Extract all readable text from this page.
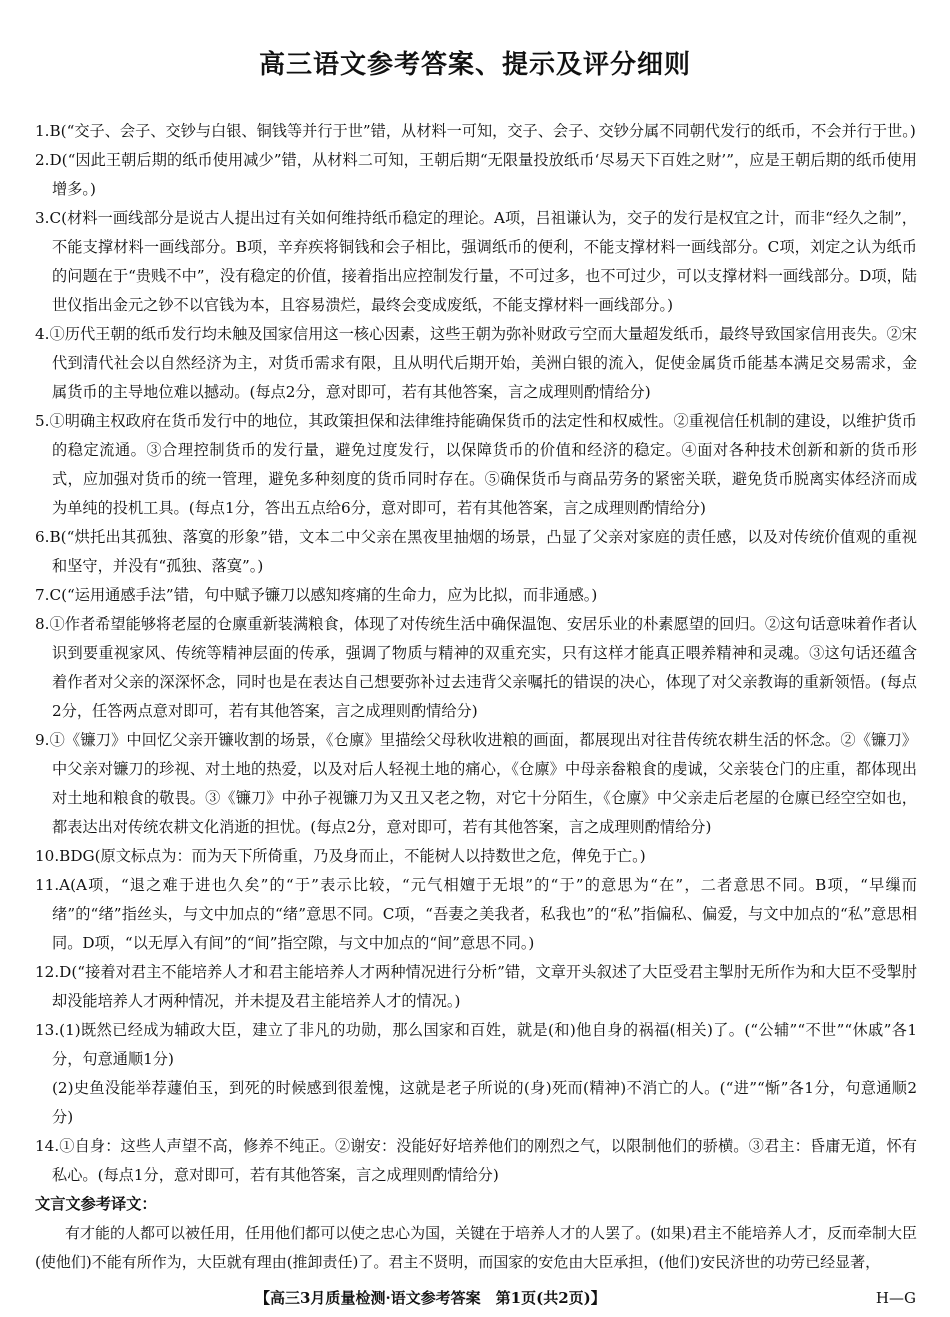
高三语文参考答案、提示及评分细则

1.B(“交子、会子、交钞与白银、铜钱等并行于世”错，从材料一可知，交子、会子、交钞分属不同朝代发行的纸币，不会并行于世。)

2.D(“因此王朝后期的纸币使用减少”错，从材料二可知，王朝后期“无限量投放纸币‘尽易天下百姓之财’”，应是王朝后期的纸币使用增多。)

3.C(材料一画线部分是说古人提出过有关如何维持纸币稳定的理论。A项，吕祖谦认为，交子的发行是权宜之计，而非“经久之制”，不能支撑材料一画线部分。B项，辛弃疾将铜钱和会子相比，强调纸币的便利，不能支撑材料一画线部分。C项，刘定之认为纸币的问题在于“贵贱不中”，没有稳定的价值，接着指出应控制发行量，不可过多，也不可过少，可以支撑材料一画线部分。D项，陆世仪指出金元之钞不以官钱为本，且容易溃烂，最终会变成废纸，不能支撑材料一画线部分。)

4.①历代王朝的纸币发行均未触及国家信用这一核心因素，这些王朝为弥补财政亏空而大量超发纸币，最终导致国家信用丧失。②宋代到清代社会以自然经济为主，对货币需求有限，且从明代后期开始，美洲白银的流入，促使金属货币能基本满足交易需求，金属货币的主导地位难以撼动。(每点2分，意对即可，若有其他答案，言之成理则酌情给分)

5.①明确主权政府在货币发行中的地位，其政策担保和法律维持能确保货币的法定性和权威性。②重视信任机制的建设，以维护货币的稳定流通。③合理控制货币的发行量，避免过度发行，以保障货币的价值和经济的稳定。④面对各种技术创新和新的货币形式，应加强对货币的统一管理，避免多种刻度的货币同时存在。⑤确保货币与商品劳务的紧密关联，避免货币脱离实体经济而成为单纯的投机工具。(每点1分，答出五点给6分，意对即可，若有其他答案，言之成理则酌情给分)

6.B(“烘托出其孤独、落寞的形象”错，文本二中父亲在黑夜里抽烟的场景，凸显了父亲对家庭的责任感，以及对传统价值观的重视和坚守，并没有“孤独、落寞”。)

7.C(“运用通感手法”错，句中赋予镰刀以感知疼痛的生命力，应为比拟，而非通感。)

8.①作者希望能够将老屋的仓廪重新装满粮食，体现了对传统生活中确保温饱、安居乐业的朴素愿望的回归。②这句话意味着作者认识到要重视家风、传统等精神层面的传承，强调了物质与精神的双重充实，只有这样才能真正喂养精神和灵魂。③这句话还蕴含着作者对父亲的深深怀念，同时也是在表达自己想要弥补过去违背父亲嘱托的错误的决心，体现了对父亲教诲的重新领悟。(每点2分，任答两点意对即可，若有其他答案，言之成理则酌情给分)

9.①《镰刀》中回忆父亲开镰收割的场景，《仓廪》里描绘父母秋收进粮的画面，都展现出对往昔传统农耕生活的怀念。②《镰刀》中父亲对镰刀的珍视、对土地的热爱，以及对后人轻视土地的痛心，《仓廪》中母亲畚粮食的虔诚，父亲装仓门的庄重，都体现出对土地和粮食的敬畏。③《镰刀》中孙子视镰刀为又丑又老之物，对它十分陌生，《仓廪》中父亲走后老屋的仓廪已经空空如也，都表达出对传统农耕文化消逝的担忧。(每点2分，意对即可，若有其他答案，言之成理则酌情给分)

10.BDG(原文标点为：而为天下所倚重，乃及身而止，不能树人以持数世之危，俾免于亡。)

11.A(A项，“退之难于进也久矣”的“于”表示比较，“元气相嬗于无垠”的“于”的意思为“在”，二者意思不同。B项，“早缫而绪”的“绪”指丝头，与文中加点的“绪”意思不同。C项，“吾妻之美我者，私我也”的“私”指偏私、偏爱，与文中加点的“私”意思相同。D项，“以无厚入有间”的“间”指空隙，与文中加点的“间”意思不同。)

12.D(“接着对君主不能培养人才和君主能培养人才两种情况进行分析”错，文章开头叙述了大臣受君主掣肘无所作为和大臣不受掣肘却没能培养人才两种情况，并未提及君主能培养人才的情况。)

13.(1)既然已经成为辅政大臣，建立了非凡的功勋，那么国家和百姓，就是(和)他自身的祸福(相关)了。(“公辅”“不世”“休戚”各1分，句意通顺1分)

(2)史鱼没能举荐蘧伯玉，到死的时候感到很羞愧，这就是老子所说的(身)死而(精神)不消亡的人。(“进”“惭”各1分，句意通顺2分)

14.①自身：这些人声望不高，修养不纯正。②谢安：没能好好培养他们的刚烈之气，以限制他们的骄横。③君主：昏庸无道，怀有私心。(每点1分，意对即可，若有其他答案，言之成理则酌情给分)

文言文参考译文：

有才能的人都可以被任用，任用他们都可以使之忠心为国，关键在于培养人才的人罢了。(如果)君主不能培养人才，反而牵制大臣(使他们)不能有所作为，大臣就有理由(推卸责任)了。君主不贤明，而国家的安危由大臣承担，(他们)安民济世的功劳已经显著，

【高三3月质量检测·语文参考答案　第1页(共2页)】	H—G
